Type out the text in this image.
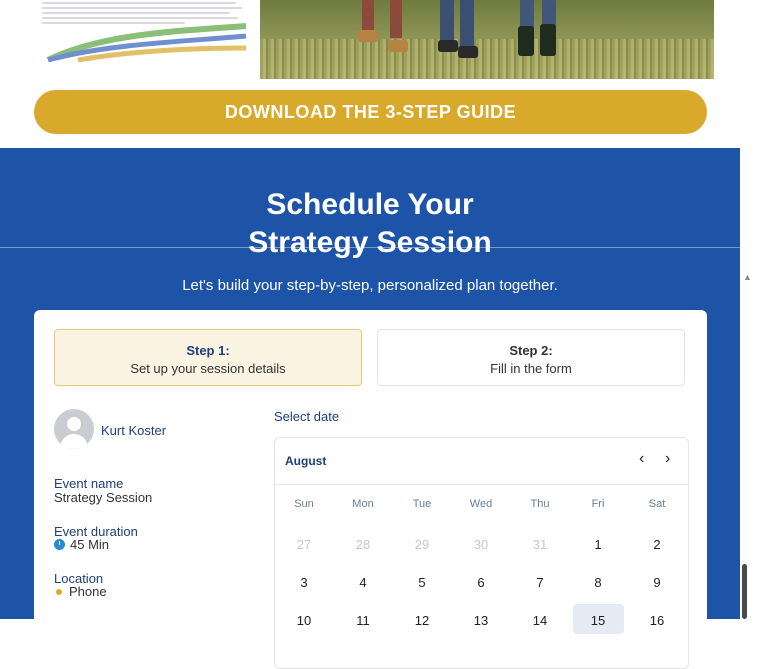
DOWNLOAD THE 3-STEP GUIDE
▲
Schedule Your
Strategy Session
Let's build your step-by-step, personalized plan together.
Step 1:
Set up your session details
Step 2:
Fill in the form
Kurt Koster
Event name
Strategy Session
Event duration
45 Min
Location
Phone
Select date
August	‹ ›
Sun	Mon	Tue	Wed	Thu	Fri	Sat
27	28	29	30	31	1	2
3	4	5	6	7	8	9
10	11	12	13	14	15	16
